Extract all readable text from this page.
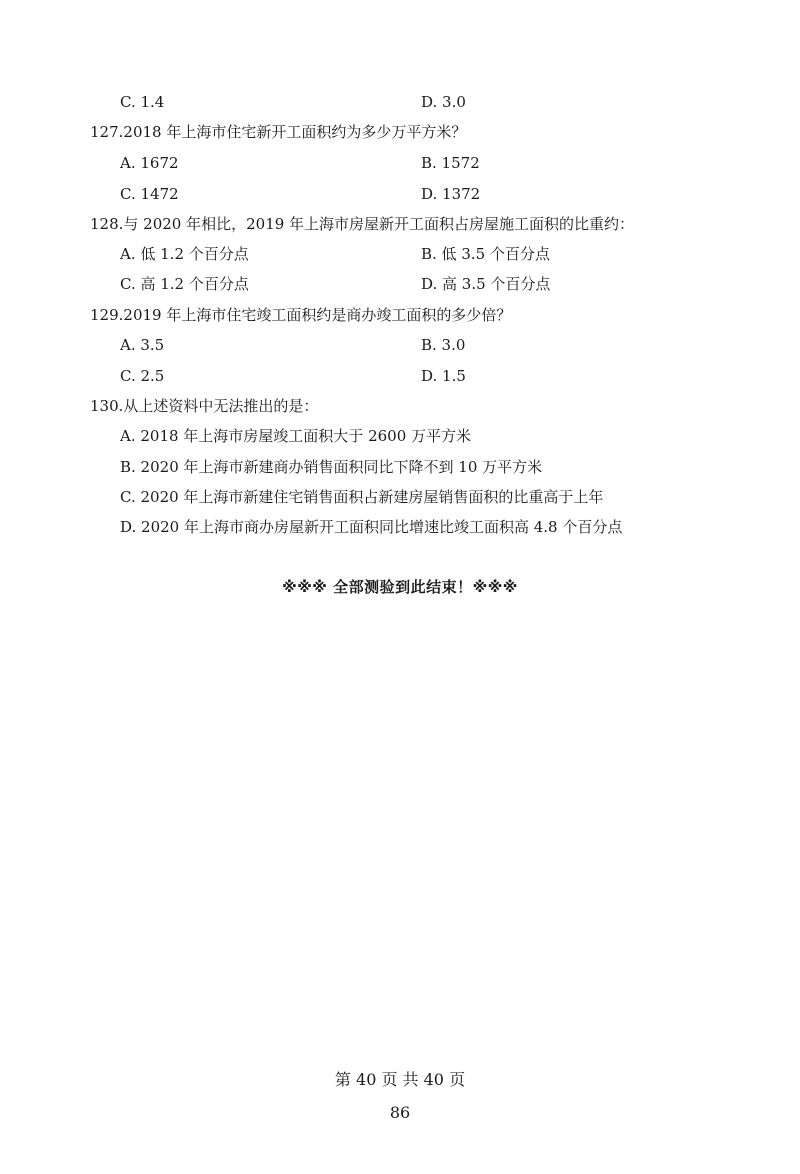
C. 1.4	D. 3.0
127.2018 年上海市住宅新开工面积约为多少万平方米？
A. 1672	B. 1572
C. 1472	D. 1372
128.与 2020 年相比，2019 年上海市房屋新开工面积占房屋施工面积的比重约：
A. 低 1.2 个百分点	B. 低 3.5 个百分点
C. 高 1.2 个百分点	D. 高 3.5 个百分点
129.2019 年上海市住宅竣工面积约是商办竣工面积的多少倍？
A. 3.5	B. 3.0
C. 2.5	D. 1.5
130.从上述资料中无法推出的是：
A. 2018 年上海市房屋竣工面积大于 2600 万平方米
B. 2020 年上海市新建商办销售面积同比下降不到 10 万平方米
C. 2020 年上海市新建住宅销售面积占新建房屋销售面积的比重高于上年
D. 2020 年上海市商办房屋新开工面积同比增速比竣工面积高 4.8 个百分点
※※※ 全部测验到此结束！※※※
第 40 页 共 40 页
86
